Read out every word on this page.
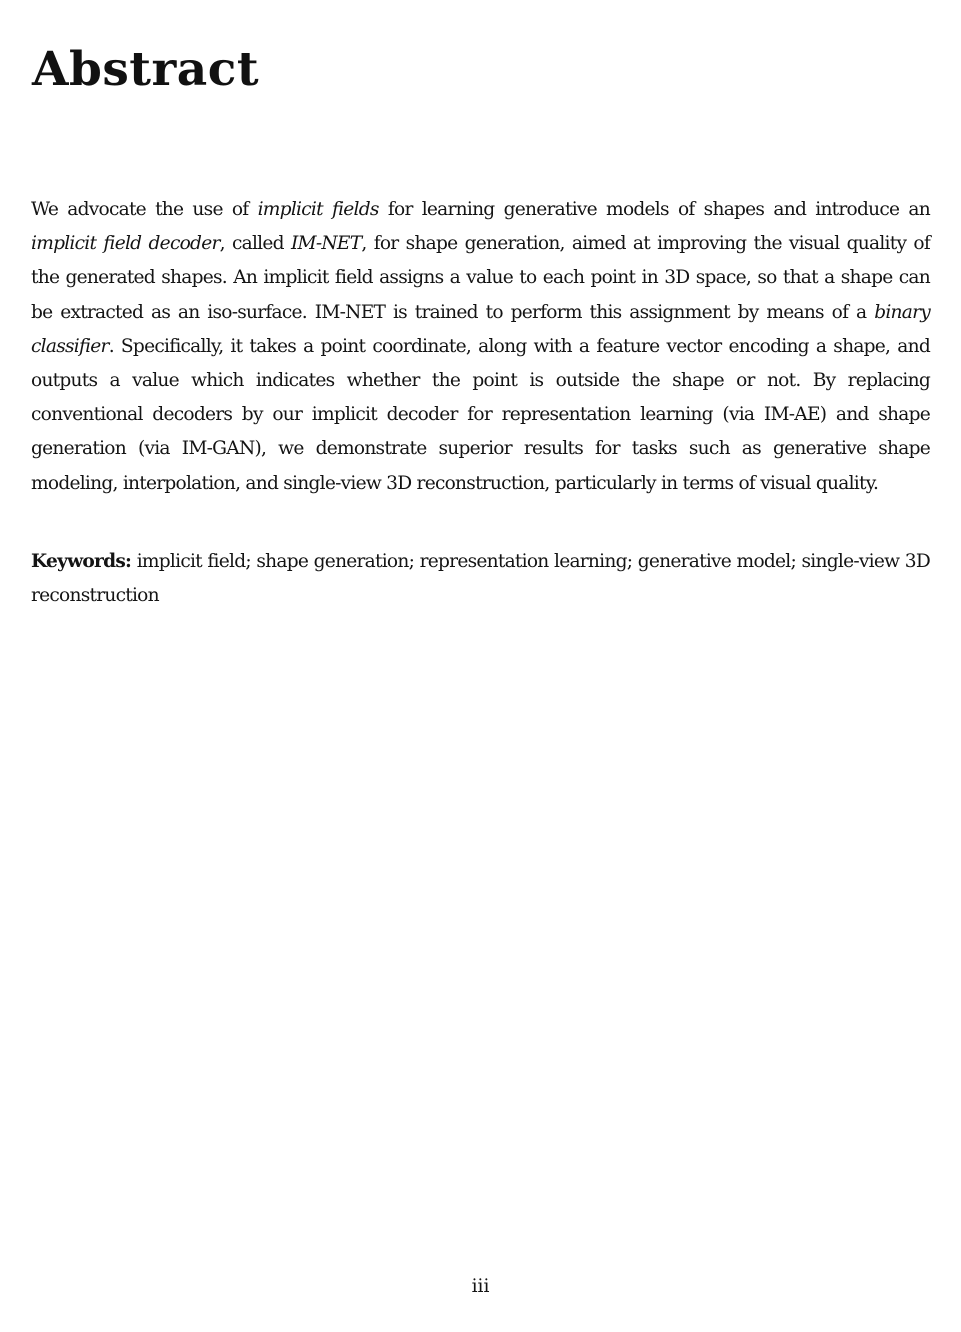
Abstract

We advocate the use of implicit fields for learning generative models of shapes and introduce an implicit field decoder, called IM-NET, for shape generation, aimed at improving the visual quality of the generated shapes. An implicit field assigns a value to each point in 3D space, so that a shape can be extracted as an iso-surface. IM-NET is trained to perform this assignment by means of a binary classifier. Specifically, it takes a point coordinate, along with a feature vector encoding a shape, and outputs a value which indicates whether the point is outside the shape or not. By replacing conventional decoders by our implicit decoder for representation learning (via IM-AE) and shape generation (via IM-GAN), we demonstrate superior results for tasks such as generative shape modeling, interpolation, and single-view 3D reconstruction, particularly in terms of visual quality.

Keywords: implicit field; shape generation; representation learning; generative model; single-view 3D reconstruction

iii
